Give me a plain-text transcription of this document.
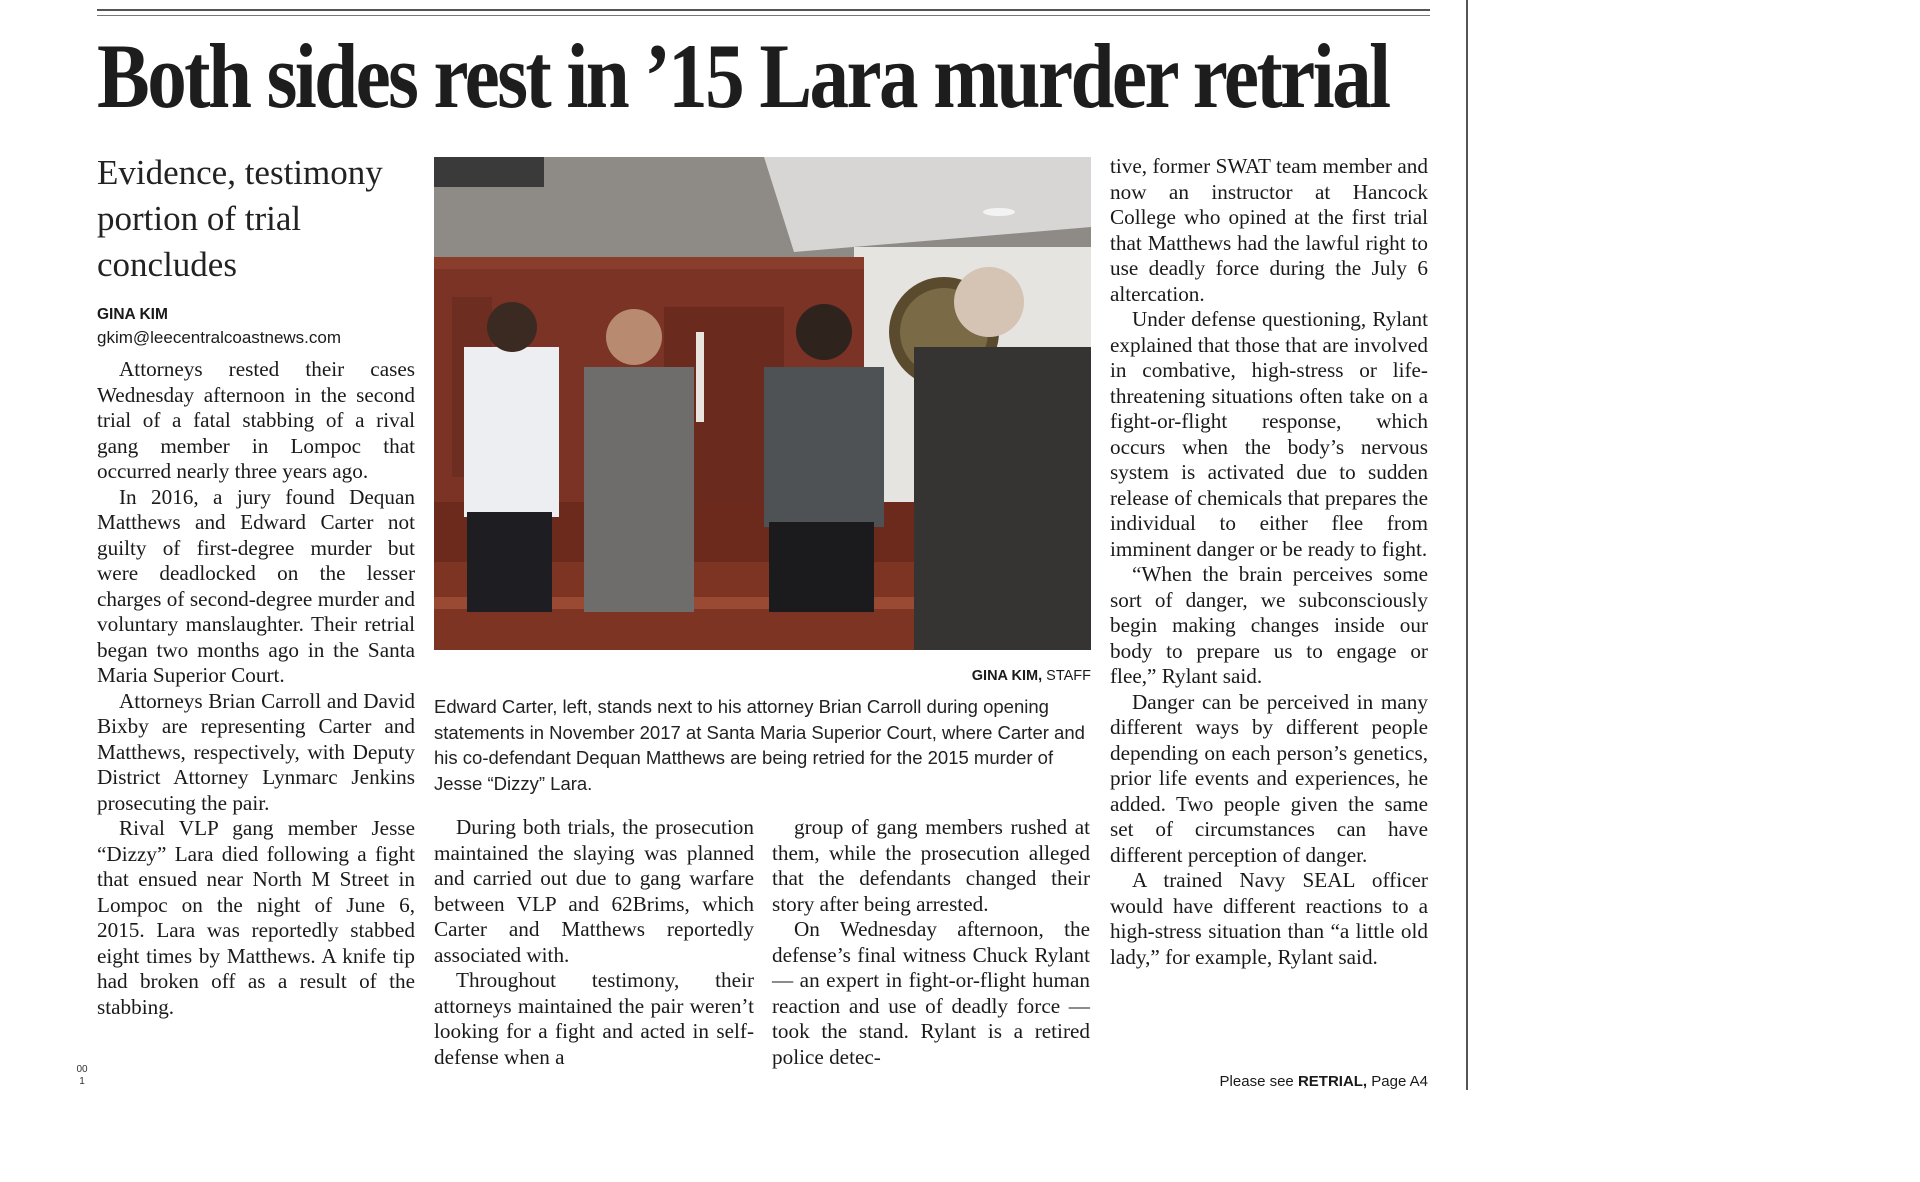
Both sides rest in ’15 Lara murder retrial
Evidence, testimony portion of trial concludes

GINA KIM

gkim@leecentralcoastnews.com

Attorneys rested their cases Wednesday afternoon in the second trial of a fatal stabbing of a rival gang member in Lompoc that occurred nearly three years ago.

In 2016, a jury found Dequan Matthews and Edward Carter not guilty of first-degree murder but were deadlocked on the lesser charges of second-degree murder and voluntary manslaughter. Their retrial began two months ago in the Santa Maria Superior Court.

Attorneys Brian Carroll and David Bixby are representing Carter and Matthews, respectively, with Deputy District Attorney Lynmarc Jenkins prosecuting the pair.

Rival VLP gang member Jesse “Dizzy” Lara died following a fight that ensued near North M Street in Lompoc on the night of June 6, 2015. Lara was reportedly stabbed eight times by Matthews. A knife tip had broken off as a result of the stabbing.

GINA KIM, STAFF

Edward Carter, left, stands next to his attorney Brian Carroll during opening statements in November 2017 at Santa Maria Superior Court, where Carter and his co-defendant Dequan Matthews are being retried for the 2015 murder of Jesse “Dizzy” Lara.

During both trials, the prosecution maintained the slaying was planned and carried out due to gang warfare between VLP and 62Brims, which Carter and Matthews reportedly associated with.

Throughout testimony, their attorneys maintained the pair weren’t looking for a fight and acted in self-defense when a

group of gang members rushed at them, while the prosecution alleged that the defendants changed their story after being arrested.

On Wednesday afternoon, the defense’s final witness Chuck Rylant — an expert in fight-or-flight human reaction and use of deadly force — took the stand. Rylant is a retired police detec-

tive, former SWAT team member and now an instructor at Hancock College who opined at the first trial that Matthews had the lawful right to use deadly force during the July 6 altercation.

Under defense questioning, Rylant explained that those that are involved in combative, high-stress or life-threatening situations often take on a fight-or-flight response, which occurs when the body’s nervous system is activated due to sudden release of chemicals that prepares the individual to either flee from imminent danger or be ready to fight.

“When the brain perceives some sort of danger, we subconsciously begin making changes inside our body to prepare us to engage or flee,” Rylant said.

Danger can be perceived in many different ways by different people depending on each person’s genetics, prior life events and experiences, he added. Two people given the same set of circumstances can have different perception of danger.

A trained Navy SEAL officer would have different reactions to a high-stress situation than “a little old lady,” for example, Rylant said.

Please see RETRIAL, Page A4

00
1
